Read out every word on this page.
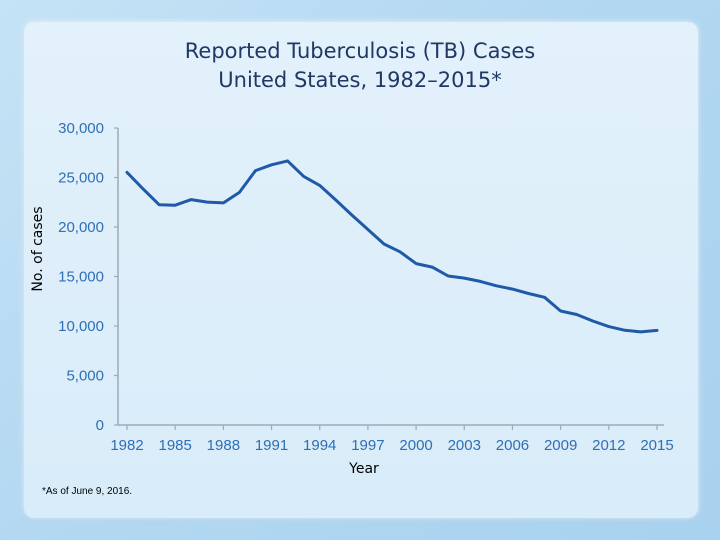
Reported Tuberculosis (TB) Cases
United States, 1982–2015*
0
5,000
10,000
15,000
20,000
25,000
30,000
1982 1985 1988 1991 1994 1997 2000 2003 2006 2009 2012 2015
Year
No. of cases
*As of June 9, 2016.
